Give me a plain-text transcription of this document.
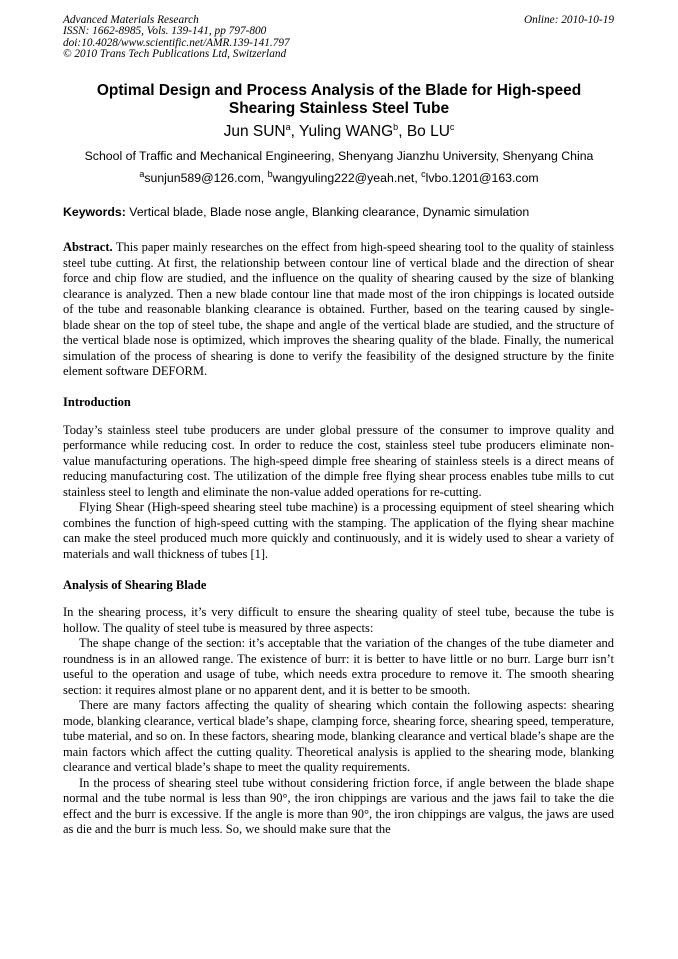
Advanced Materials Research
ISSN: 1662-8985, Vols. 139-141, pp 797-800
doi:10.4028/www.scientific.net/AMR.139-141.797
© 2010 Trans Tech Publications Ltd, Switzerland
Online: 2010-10-19
Optimal Design and Process Analysis of the Blade for High-speed
Shearing Stainless Steel Tube
Jun SUN$^a$, Yuling WANG$^b$, Bo $LU^c$
School of Traffic and Mechanical Engineering, Shenyang Jianzhu University, Shenyang China
$^a$sunjun589@126.com, $^b$wangyuling222@yeah.net, $^c$lvbo.1201@163.com
Keywords: Vertical blade, Blade nose angle, Blanking clearance, Dynamic simulation

Abstract. This paper mainly researches on the effect from high-speed shearing tool to the quality of stainless steel tube cutting. At first, the relationship between contour line of vertical blade and the direction of shear force and chip flow are studied, and the influence on the quality of shearing caused by the size of blanking clearance is analyzed. Then a new blade contour line that made most of the iron chippings is located outside of the tube and reasonable blanking clearance is obtained. Further, based on the tearing caused by single-blade shear on the top of steel tube, the shape and angle of the vertical blade are studied, and the structure of the vertical blade nose is optimized, which improves the shearing quality of the blade. Finally, the numerical simulation of the process of shearing is done to verify the feasibility of the designed structure by the finite element software DEFORM.

Introduction

Today’s stainless steel tube producers are under global pressure of the consumer to improve quality and performance while reducing cost. In order to reduce the cost, stainless steel tube producers eliminate non-value manufacturing operations. The high-speed dimple free shearing of stainless steels is a direct means of reducing manufacturing cost. The utilization of the dimple free flying shear process enables tube mills to cut stainless steel to length and eliminate the non-value added operations for re-cutting.

Flying Shear (High-speed shearing steel tube machine) is a processing equipment of steel shearing which combines the function of high-speed cutting with the stamping. The application of the flying shear machine can make the steel produced much more quickly and continuously, and it is widely used to shear a variety of materials and wall thickness of tubes [1].

Analysis of Shearing Blade

In the shearing process, it’s very difficult to ensure the shearing quality of steel tube, because the tube is hollow. The quality of steel tube is measured by three aspects:

The shape change of the section: it’s acceptable that the variation of the changes of the tube diameter and roundness is in an allowed range. The existence of burr: it is better to have little or no burr. Large burr isn’t useful to the operation and usage of tube, which needs extra procedure to remove it. The smooth shearing section: it requires almost plane or no apparent dent, and it is better to be smooth.

There are many factors affecting the quality of shearing which contain the following aspects: shearing mode, blanking clearance, vertical blade’s shape, clamping force, shearing force, shearing speed, temperature, tube material, and so on. In these factors, shearing mode, blanking clearance and vertical blade’s shape are the main factors which affect the cutting quality. Theoretical analysis is applied to the shearing mode, blanking clearance and vertical blade’s shape to meet the quality requirements.

In the process of shearing steel tube without considering friction force, if angle between the blade shape normal and the tube normal is less than 90°, the iron chippings are various and the jaws fail to take the die effect and the burr is excessive. If the angle is more than 90°, the iron chippings are valgus, the jaws are used as die and the burr is much less. So, we should make sure that the
